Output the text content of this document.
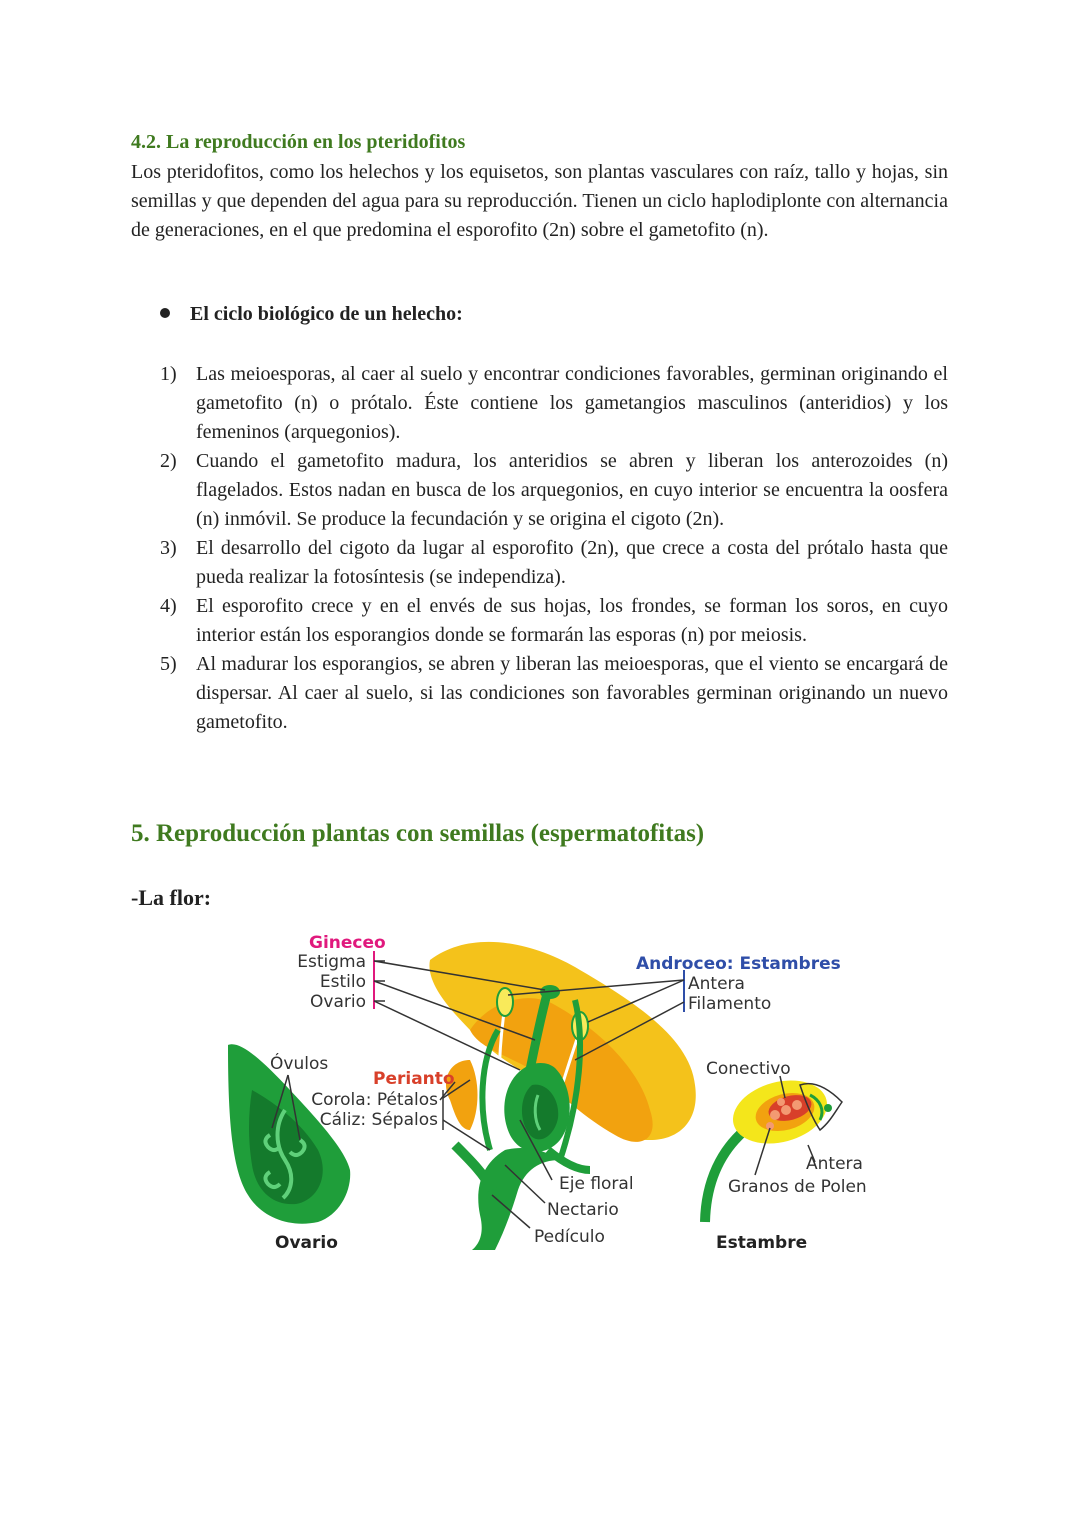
4.2. La reproducción en los pteridofitos

Los pteridofitos, como los helechos y los equisetos, son plantas vasculares con raíz, tallo y hojas, sin semillas y que dependen del agua para su reproducción. Tienen un ciclo haplodiplonte con alternancia de generaciones, en el que predomina el esporofito (2n) sobre el gametofito (n).

El ciclo biológico de un helecho:
1) Las meioesporas, al caer al suelo y encontrar condiciones favorables, germinan originando el gametofito (n) o prótalo. Éste contiene los gametangios masculinos (anteridios) y los femeninos (arquegonios).
2) Cuando el gametofito madura, los anteridios se abren y liberan los anterozoides (n) flagelados. Estos nadan en busca de los arquegonios, en cuyo interior se encuentra la oosfera (n) inmóvil. Se produce la fecundación y se origina el cigoto (2n).
3) El desarrollo del cigoto da lugar al esporofito (2n), que crece a costa del prótalo hasta que pueda realizar la fotosíntesis (se independiza).
4) El esporofito crece y en el envés de sus hojas, los frondes, se forman los soros, en cuyo interior están los esporangios donde se formarán las esporas (n) por meiosis.
5) Al madurar los esporangios, se abren y liberan las meioesporas, que el viento se encargará de dispersar. Al caer al suelo, si las condiciones son favorables germinan originando un nuevo gametofito.
5. Reproducción plantas con semillas (espermatofitas)
-La flor:
Gineceo
Estigma
Estilo
Ovario
Androceo: Estambres
Antera
Filamento
Óvulos
Perianto
Corola: Pétalos
Cáliz: Sépalos
Eje floral
Nectario
Pedículo
Conectivo
Antera
Granos de Polen
Ovario	Estambre
